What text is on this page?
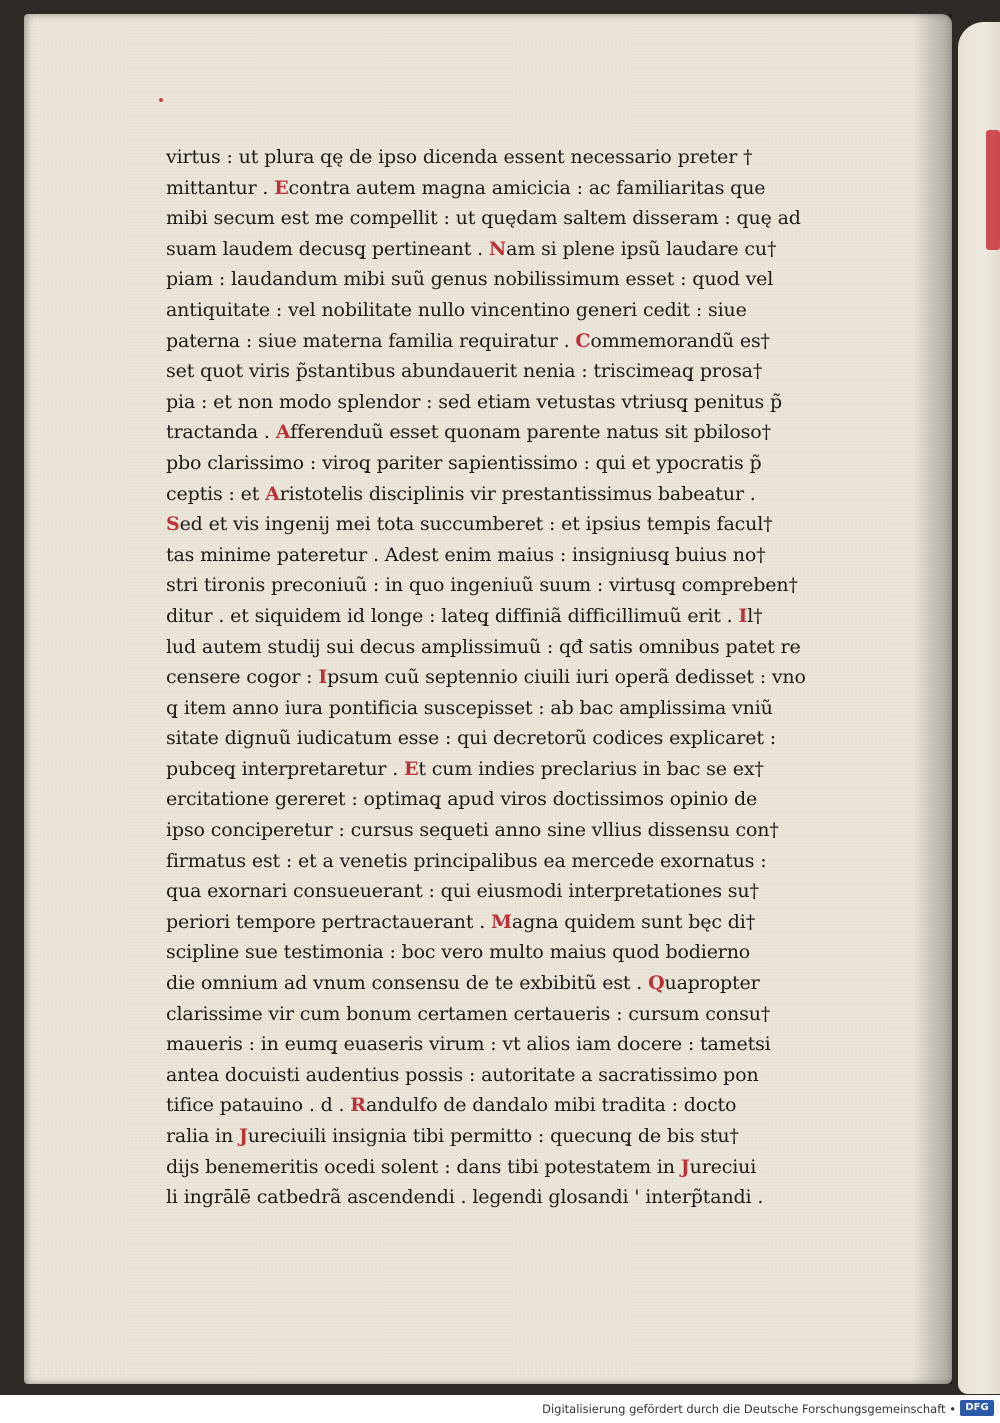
virtus : ut plura qę de ipso dicenda essent necessario preter †
mittantur . Econtra autem magna amicicia : ac familiaritas que
mibi secum est me compellit : ut quędam saltem disseram : quę ad
suam laudem decusq̧ pertineant . Nam si plene ipsũ laudare cu†
piam : laudandum mibi suũ genus nobilissimum esset : quod vel
antiquitate : vel nobilitate nullo vincentino generi cedit : siue
paterna : siue materna familia requiratur . Commemorandũ es†
set quot viris p̃stantibus abundauerit nenia : triscimeaq̧ prosa†
pia : et non modo splendor : sed etiam vetustas vtriusq̧ penitus p̃
tractanda . Afferenduũ esset quonam parente natus sit pbiloso†
pbo clarissimo : viroq̧ pariter sapientissimo : qui et ypocratis p̃
ceptis : et Aristotelis disciplinis vir prestantissimus babeatur .
Sed et vis ingenij mei tota succumberet : et ipsius tempis facul†
tas minime pateretur . Adest enim maius : insigniusq̧ buius no†
stri tironis preconiuũ : in quo ingeniuũ suum : virtusq̧ compreben†
ditur . et siquidem id longe : lateq̧ diffiniã difficillimuũ erit . Il†
lud autem studij sui decus amplissimuũ : qđ satis omnibus patet re
censere cogor : Ipsum cuũ septennio ciuili iuri operã dedisset : vno
q̧ item anno iura pontificia suscepisset : ab bac amplissima vniũ
sitate dignuũ iudicatum esse : qui decretorũ codices explicaret :
pubceq̧ interpretaretur . Et cum indies preclarius in bac se ex†
ercitatione gereret : optimaq̧ apud viros doctissimos opinio de
ipso conciperetur : cursus sequeti anno sine vllius dissensu con†
firmatus est : et a venetis principalibus ea mercede exornatus :
qua exornari consueuerant : qui eiusmodi interpretationes su†
periori tempore pertractauerant . Magna quidem sunt bęc di†
scipline sue testimonia : boc vero multo maius quod bodierno
die omnium ad vnum consensu de te exbibitũ est . Quapropter
clarissime vir cum bonum certamen certaueris : cursum consu†
maueris : in eumq̧ euaseris virum : vt alios iam docere : tametsi
antea docuisti audentius possis : autoritate a sacratissimo pon
tifice patauino . d . Randulfo de dandalo mibi tradita : docto
ralia in Jureciuili insignia tibi permitto : quecunq̧ de bis stu†
dijs benemeritis ocedi solent : dans tibi potestatem in Jureciui
li ingrālē catbedrã ascendendi . legendi glosandi ' interp̃tandi .
Digitalisierung gefördert durch die Deutsche Forschungsgemeinschaft • DFG
